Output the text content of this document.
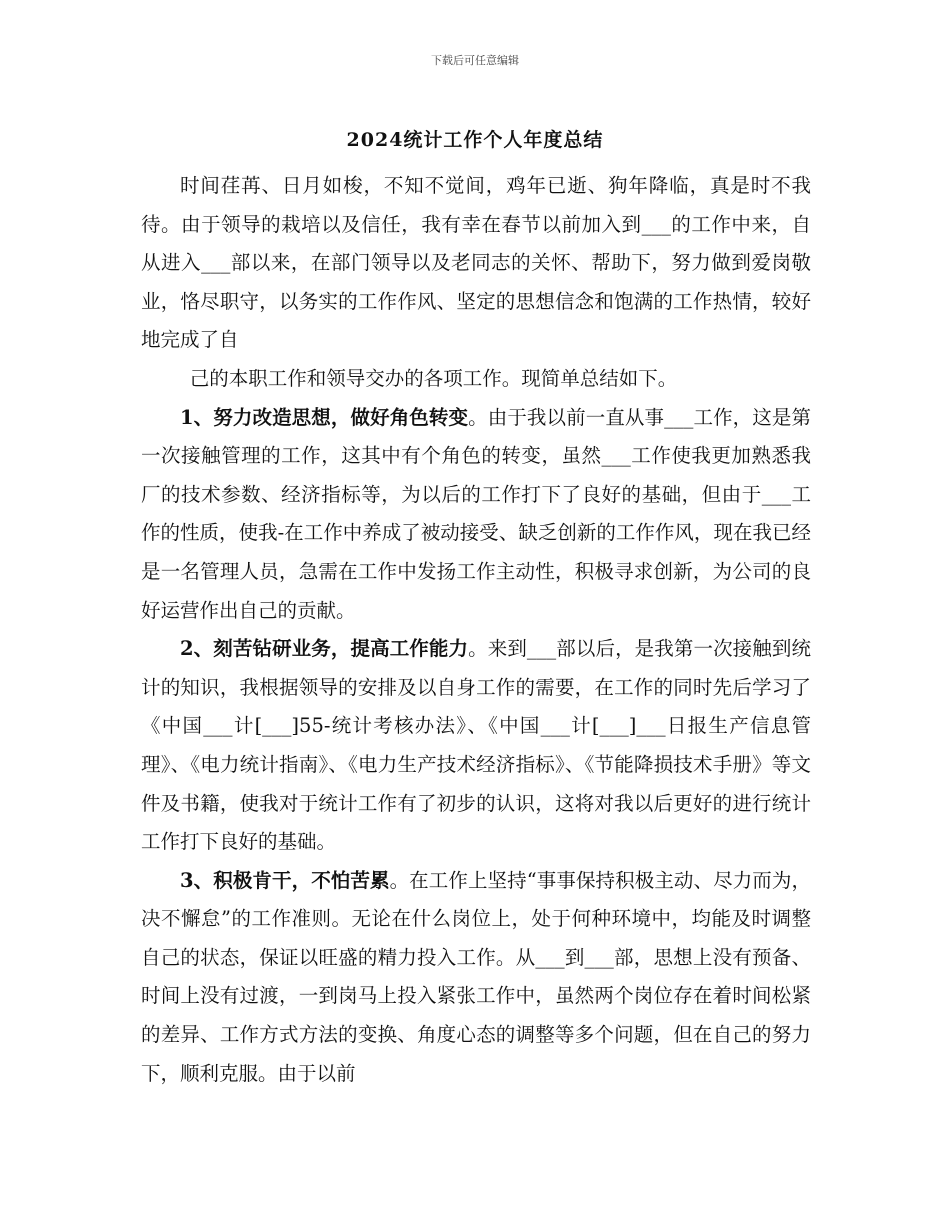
下载后可任意编辑
2024统计工作个人年度总结

时间荏苒、日月如梭，不知不觉间，鸡年已逝、狗年降临，真是时不我待。由于领导的栽培以及信任，我有幸在春节以前加入到___的工作中来，自从进入___部以来，在部门领导以及老同志的关怀、帮助下，努力做到爱岗敬业，恪尽职守，以务实的工作作风、坚定的思想信念和饱满的工作热情，较好地完成了自

己的本职工作和领导交办的各项工作。现简单总结如下。

1、努力改造思想，做好角色转变。由于我以前一直从事___工作，这是第一次接触管理的工作，这其中有个角色的转变，虽然___工作使我更加熟悉我厂的技术参数、经济指标等，为以后的工作打下了良好的基础，但由于___工作的性质，使我-在工作中养成了被动接受、缺乏创新的工作作风，现在我已经是一名管理人员，急需在工作中发扬工作主动性，积极寻求创新，为公司的良好运营作出自己的贡献。

2、刻苦钻研业务，提高工作能力。来到___部以后，是我第一次接触到统计的知识，我根据领导的安排及以自身工作的需要，在工作的同时先后学习了《中国___计[___]55-统计考核办法》、《中国___计[___]___日报生产信息管理》、《电力统计指南》、《电力生产技术经济指标》、《节能降损技术手册》等文件及书籍，使我对于统计工作有了初步的认识，这将对我以后更好的进行统计工作打下良好的基础。

3、积极肯干，不怕苦累。在工作上坚持“事事保持积极主动、尽力而为，决不懈怠”的工作准则。无论在什么岗位上，处于何种环境中，均能及时调整自己的状态，保证以旺盛的精力投入工作。从___到___部，思想上没有预备、时间上没有过渡，一到岗马上投入紧张工作中，虽然两个岗位存在着时间松紧的差异、工作方式方法的变换、角度心态的调整等多个问题，但在自己的努力下，顺利克服。由于以前
